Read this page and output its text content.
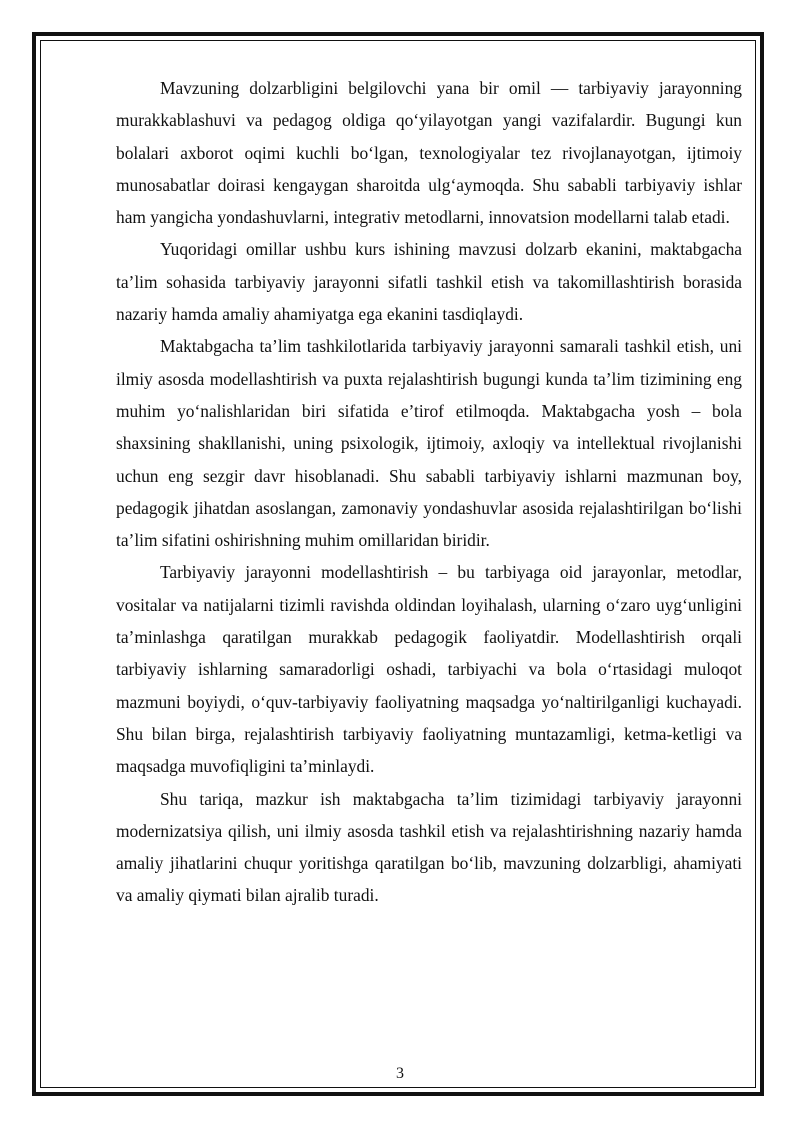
Mavzuning dolzarbligini belgilovchi yana bir omil — tarbiyaviy jarayonning murakkablashuvi va pedagog oldiga qo‘yilayotgan yangi vazifalardir. Bugungi kun bolalari axborot oqimi kuchli bo‘lgan, texnologiyalar tez rivojlanayotgan, ijtimoiy munosabatlar doirasi kengaygan sharoitda ulg‘aymoqda. Shu sababli tarbiyaviy ishlar ham yangicha yondashuvlarni, integrativ metodlarni, innovatsion modellarni talab etadi.

Yuqoridagi omillar ushbu kurs ishining mavzusi dolzarb ekanini, maktabgacha ta’lim sohasida tarbiyaviy jarayonni sifatli tashkil etish va takomillashtirish borasida nazariy hamda amaliy ahamiyatga ega ekanini tasdiqlaydi.

Maktabgacha ta’lim tashkilotlarida tarbiyaviy jarayonni samarali tashkil etish, uni ilmiy asosda modellashtirish va puxta rejalashtirish bugungi kunda ta’lim tizimining eng muhim yo‘nalishlaridan biri sifatida e’tirof etilmoqda. Maktabgacha yosh – bola shaxsining shakllanishi, uning psixologik, ijtimoiy, axloqiy va intellektual rivojlanishi uchun eng sezgir davr hisoblanadi. Shu sababli tarbiyaviy ishlarni mazmunan boy, pedagogik jihatdan asoslangan, zamonaviy yondashuvlar asosida rejalashtirilgan bo‘lishi ta’lim sifatini oshirishning muhim omillaridan biridir.

Tarbiyaviy jarayonni modellashtirish – bu tarbiyaga oid jarayonlar, metodlar, vositalar va natijalarni tizimli ravishda oldindan loyihalash, ularning o‘zaro uyg‘unligini ta’minlashga qaratilgan murakkab pedagogik faoliyatdir. Modellashtirish orqali tarbiyaviy ishlarning samaradorligi oshadi, tarbiyachi va bola o‘rtasidagi muloqot mazmuni boyiydi, o‘quv-tarbiyaviy faoliyatning maqsadga yo‘naltirilganligi kuchayadi. Shu bilan birga, rejalashtirish tarbiyaviy faoliyatning muntazamligi, ketma-ketligi va maqsadga muvofiqligini ta’minlaydi.

Shu tariqa, mazkur ish maktabgacha ta’lim tizimidagi tarbiyaviy jarayonni modernizatsiya qilish, uni ilmiy asosda tashkil etish va rejalashtirishning nazariy hamda amaliy jihatlarini chuqur yoritishga qaratilgan bo‘lib, mavzuning dolzarbligi, ahamiyati va amaliy qiymati bilan ajralib turadi.

3
